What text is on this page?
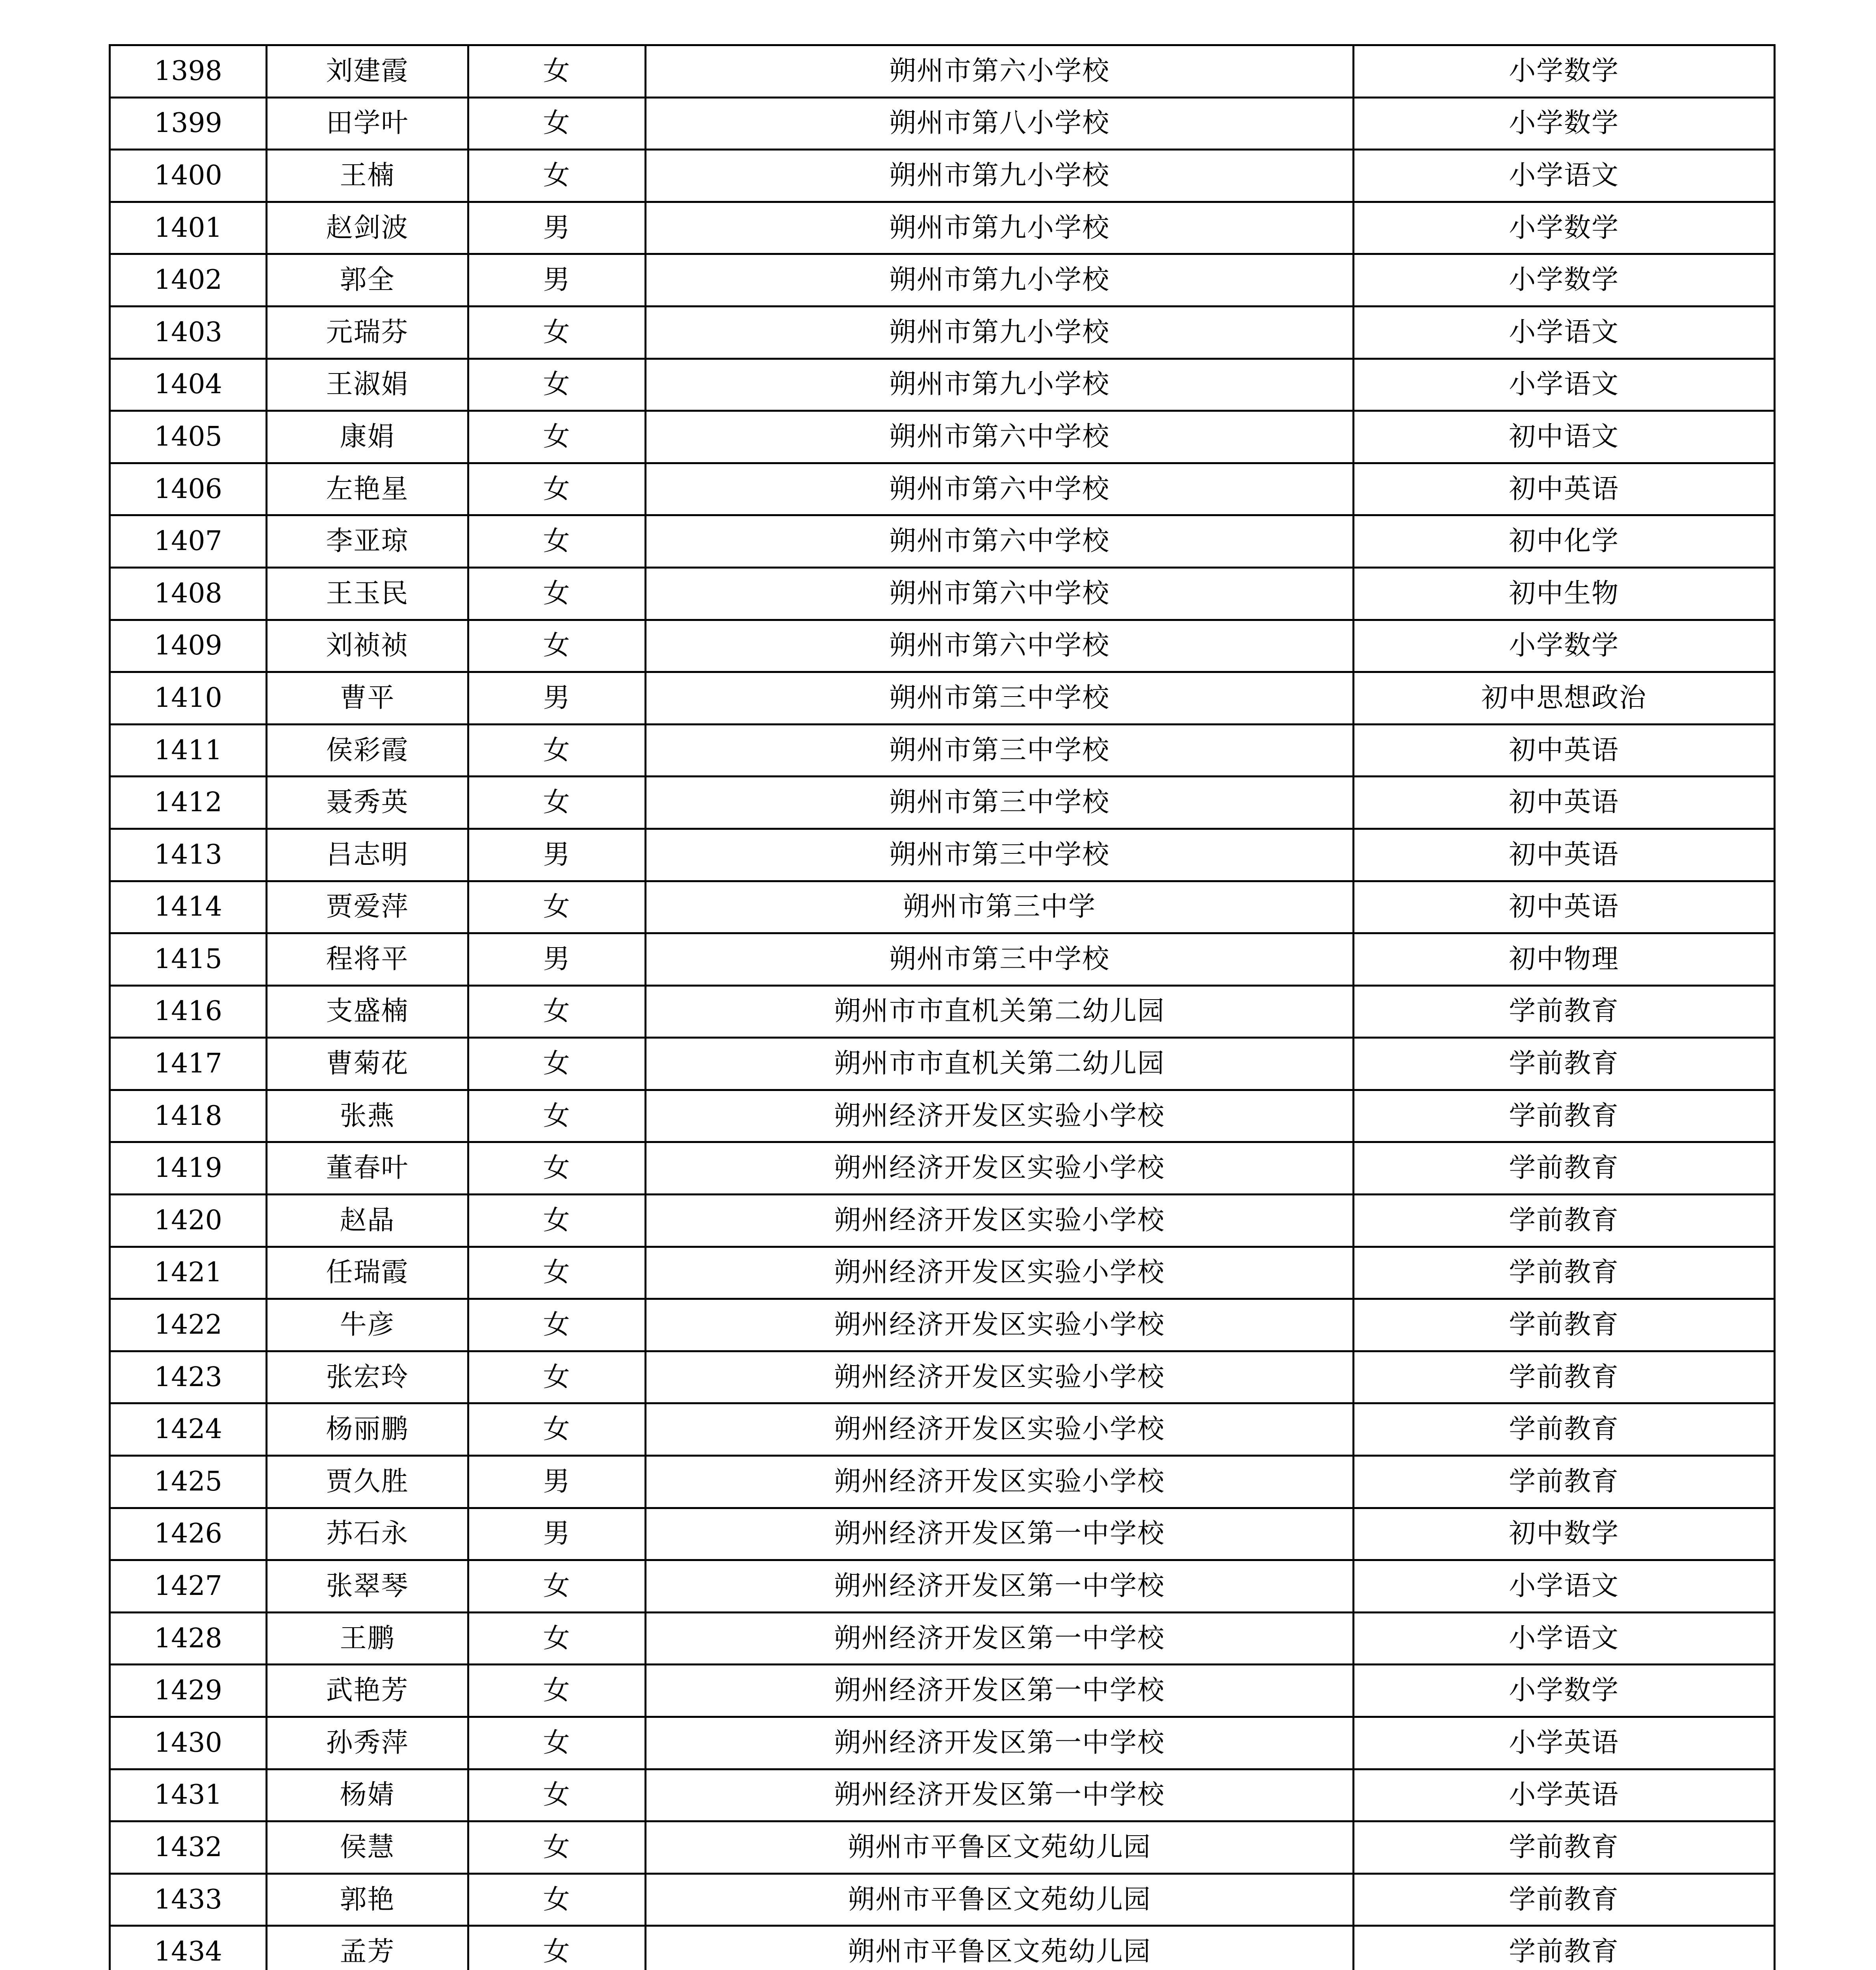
1398	刘建霞	女	朔州市第六小学校	小学数学
1399	田学叶	女	朔州市第八小学校	小学数学
1400	王楠	女	朔州市第九小学校	小学语文
1401	赵剑波	男	朔州市第九小学校	小学数学
1402	郭全	男	朔州市第九小学校	小学数学
1403	元瑞芬	女	朔州市第九小学校	小学语文
1404	王淑娟	女	朔州市第九小学校	小学语文
1405	康娟	女	朔州市第六中学校	初中语文
1406	左艳星	女	朔州市第六中学校	初中英语
1407	李亚琼	女	朔州市第六中学校	初中化学
1408	王玉民	女	朔州市第六中学校	初中生物
1409	刘祯祯	女	朔州市第六中学校	小学数学
1410	曹平	男	朔州市第三中学校	初中思想政治
1411	侯彩霞	女	朔州市第三中学校	初中英语
1412	聂秀英	女	朔州市第三中学校	初中英语
1413	吕志明	男	朔州市第三中学校	初中英语
1414	贾爱萍	女	朔州市第三中学	初中英语
1415	程将平	男	朔州市第三中学校	初中物理
1416	支盛楠	女	朔州市市直机关第二幼儿园	学前教育
1417	曹菊花	女	朔州市市直机关第二幼儿园	学前教育
1418	张燕	女	朔州经济开发区实验小学校	学前教育
1419	董春叶	女	朔州经济开发区实验小学校	学前教育
1420	赵晶	女	朔州经济开发区实验小学校	学前教育
1421	任瑞霞	女	朔州经济开发区实验小学校	学前教育
1422	牛彦	女	朔州经济开发区实验小学校	学前教育
1423	张宏玲	女	朔州经济开发区实验小学校	学前教育
1424	杨丽鹏	女	朔州经济开发区实验小学校	学前教育
1425	贾久胜	男	朔州经济开发区实验小学校	学前教育
1426	苏石永	男	朔州经济开发区第一中学校	初中数学
1427	张翠琴	女	朔州经济开发区第一中学校	小学语文
1428	王鹏	女	朔州经济开发区第一中学校	小学语文
1429	武艳芳	女	朔州经济开发区第一中学校	小学数学
1430	孙秀萍	女	朔州经济开发区第一中学校	小学英语
1431	杨婧	女	朔州经济开发区第一中学校	小学英语
1432	侯慧	女	朔州市平鲁区文苑幼儿园	学前教育
1433	郭艳	女	朔州市平鲁区文苑幼儿园	学前教育
1434	孟芳	女	朔州市平鲁区文苑幼儿园	学前教育
